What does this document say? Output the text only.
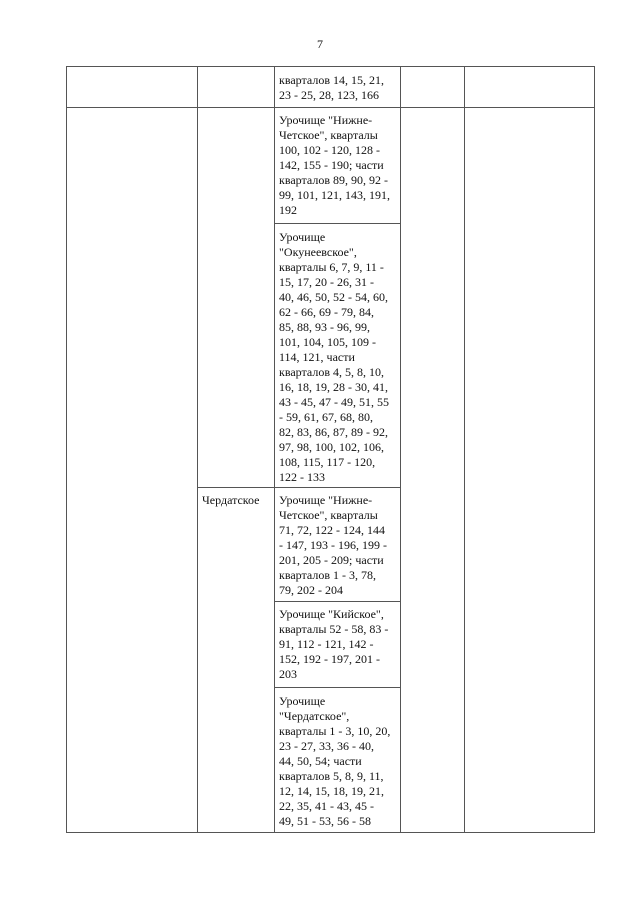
7
Чердатское
кварталов 14, 15, 21,
23 - 25, 28, 123, 166
Урочище "Нижне-
Четское", кварталы
100, 102 - 120, 128 -
142, 155 - 190; части
кварталов 89, 90, 92 -
99, 101, 121, 143, 191,
192
Урочище
"Окунеевское",
кварталы 6, 7, 9, 11 -
15, 17, 20 - 26, 31 -
40, 46, 50, 52 - 54, 60,
62 - 66, 69 - 79, 84,
85, 88, 93 - 96, 99,
101, 104, 105, 109 -
114, 121, части
кварталов 4, 5, 8, 10,
16, 18, 19, 28 - 30, 41,
43 - 45, 47 - 49, 51, 55
- 59, 61, 67, 68, 80,
82, 83, 86, 87, 89 - 92,
97, 98, 100, 102, 106,
108, 115, 117 - 120,
122 - 133
Урочище "Нижне-
Четское", кварталы
71, 72, 122 - 124, 144
- 147, 193 - 196, 199 -
201, 205 - 209; части
кварталов 1 - 3, 78,
79, 202 - 204
Урочище "Кийское",
кварталы 52 - 58, 83 -
91, 112 - 121, 142 -
152, 192 - 197, 201 -
203
Урочище
"Чердатское",
кварталы 1 - 3, 10, 20,
23 - 27, 33, 36 - 40,
44, 50, 54; части
кварталов 5, 8, 9, 11,
12, 14, 15, 18, 19, 21,
22, 35, 41 - 43, 45 -
49, 51 - 53, 56 - 58
